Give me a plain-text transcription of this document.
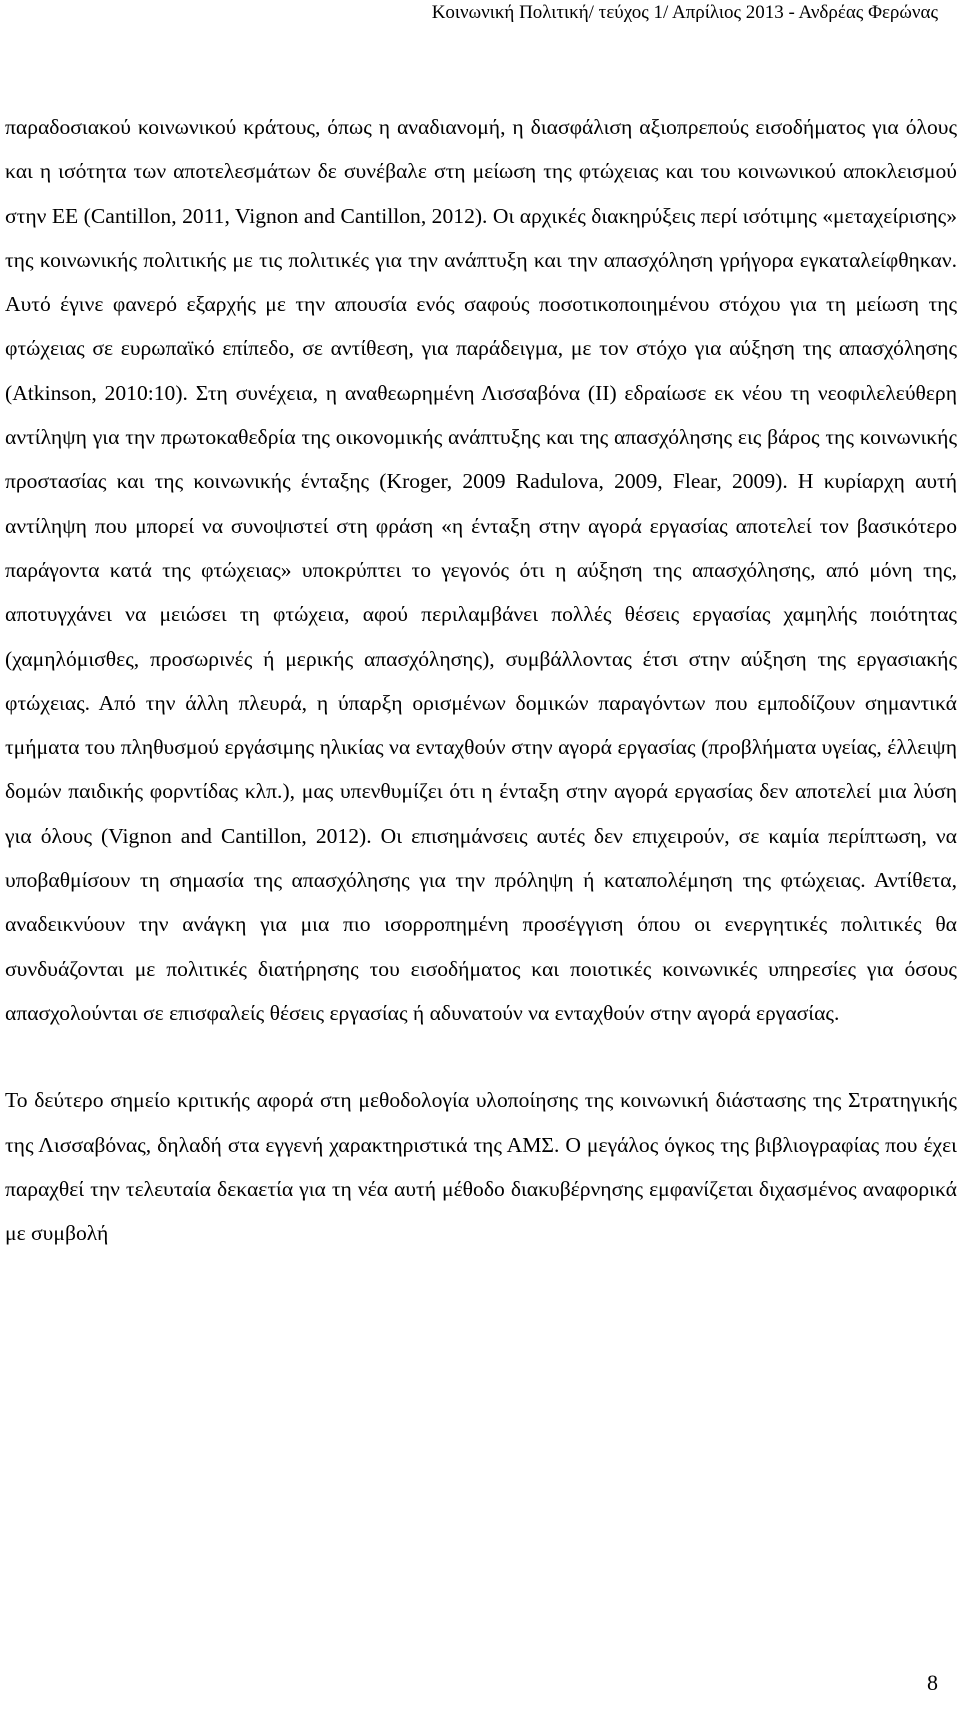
Κοινωνική Πολιτική/ τεύχος 1/ Απρίλιος 2013 - Ανδρέας Φερώνας

παραδοσιακού κοινωνικού κράτους, όπως η αναδιανομή, η διασφάλιση αξιοπρεπούς εισοδήματος για όλους και η ισότητα των αποτελεσμάτων δε συνέβαλε στη μείωση της φτώχειας και του κοινωνικού αποκλεισμού στην ΕΕ (Cantillon, 2011, Vignon and Cantillon, 2012). Οι αρχικές διακηρύξεις περί ισότιμης «μεταχείρισης» της κοινωνικής πολιτικής με τις πολιτικές για την ανάπτυξη και την απασχόληση γρήγορα εγκαταλείφθηκαν. Αυτό έγινε φανερό εξαρχής με την απουσία ενός σαφούς ποσοτικοποιημένου στόχου για τη μείωση της φτώχειας σε ευρωπαϊκό επίπεδο, σε αντίθεση, για παράδειγμα, με τον στόχο για αύξηση της απασχόλησης (Atkinson, 2010:10). Στη συνέχεια, η αναθεωρημένη Λισσαβόνα (ΙΙ) εδραίωσε εκ νέου τη νεοφιλελεύθερη αντίληψη για την πρωτοκαθεδρία της οικονομικής ανάπτυξης και της απασχόλησης εις βάρος της κοινωνικής προστασίας και της κοινωνικής ένταξης (Kroger, 2009 Radulova, 2009, Flear, 2009). Η κυρίαρχη αυτή αντίληψη που μπορεί να συνοψιστεί στη φράση «η ένταξη στην αγορά εργασίας αποτελεί τον βασικότερο παράγοντα κατά της φτώχειας» υποκρύπτει το γεγονός ότι η αύξηση της απασχόλησης, από μόνη της, αποτυγχάνει να μειώσει τη φτώχεια, αφού περιλαμβάνει πολλές θέσεις εργασίας χαμηλής ποιότητας (χαμηλόμισθες, προσωρινές ή μερικής απασχόλησης), συμβάλλοντας έτσι στην αύξηση της εργασιακής φτώχειας. Από την άλλη πλευρά, η ύπαρξη ορισμένων δομικών παραγόντων που εμποδίζουν σημαντικά τμήματα του πληθυσμού εργάσιμης ηλικίας να ενταχθούν στην αγορά εργασίας (προβλήματα υγείας, έλλειψη δομών παιδικής φορντίδας κλπ.), μας υπενθυμίζει ότι η ένταξη στην αγορά εργασίας δεν αποτελεί μια λύση για όλους (Vignon and Cantillon, 2012). Οι επισημάνσεις αυτές δεν επιχειρούν, σε καμία περίπτωση, να υποβαθμίσουν τη σημασία της απασχόλησης για την πρόληψη ή καταπολέμηση της φτώχειας. Αντίθετα, αναδεικνύουν την ανάγκη για μια πιο ισορροπημένη προσέγγιση όπου οι ενεργητικές πολιτικές θα συνδυάζονται με πολιτικές διατήρησης του εισοδήματος και ποιοτικές κοινωνικές υπηρεσίες για όσους απασχολούνται σε επισφαλείς θέσεις εργασίας ή αδυνατούν να ενταχθούν στην αγορά εργασίας.

Το δεύτερο σημείο κριτικής αφορά στη μεθοδολογία υλοποίησης της κοινωνική διάστασης της Στρατηγικής της Λισσαβόνας, δηλαδή στα εγγενή χαρακτηριστικά της ΑΜΣ. Ο μεγάλος όγκος της βιβλιογραφίας που έχει παραχθεί την τελευταία δεκαετία για τη νέα αυτή μέθοδο διακυβέρνησης εμφανίζεται διχασμένος αναφορικά με συμβολή

8
